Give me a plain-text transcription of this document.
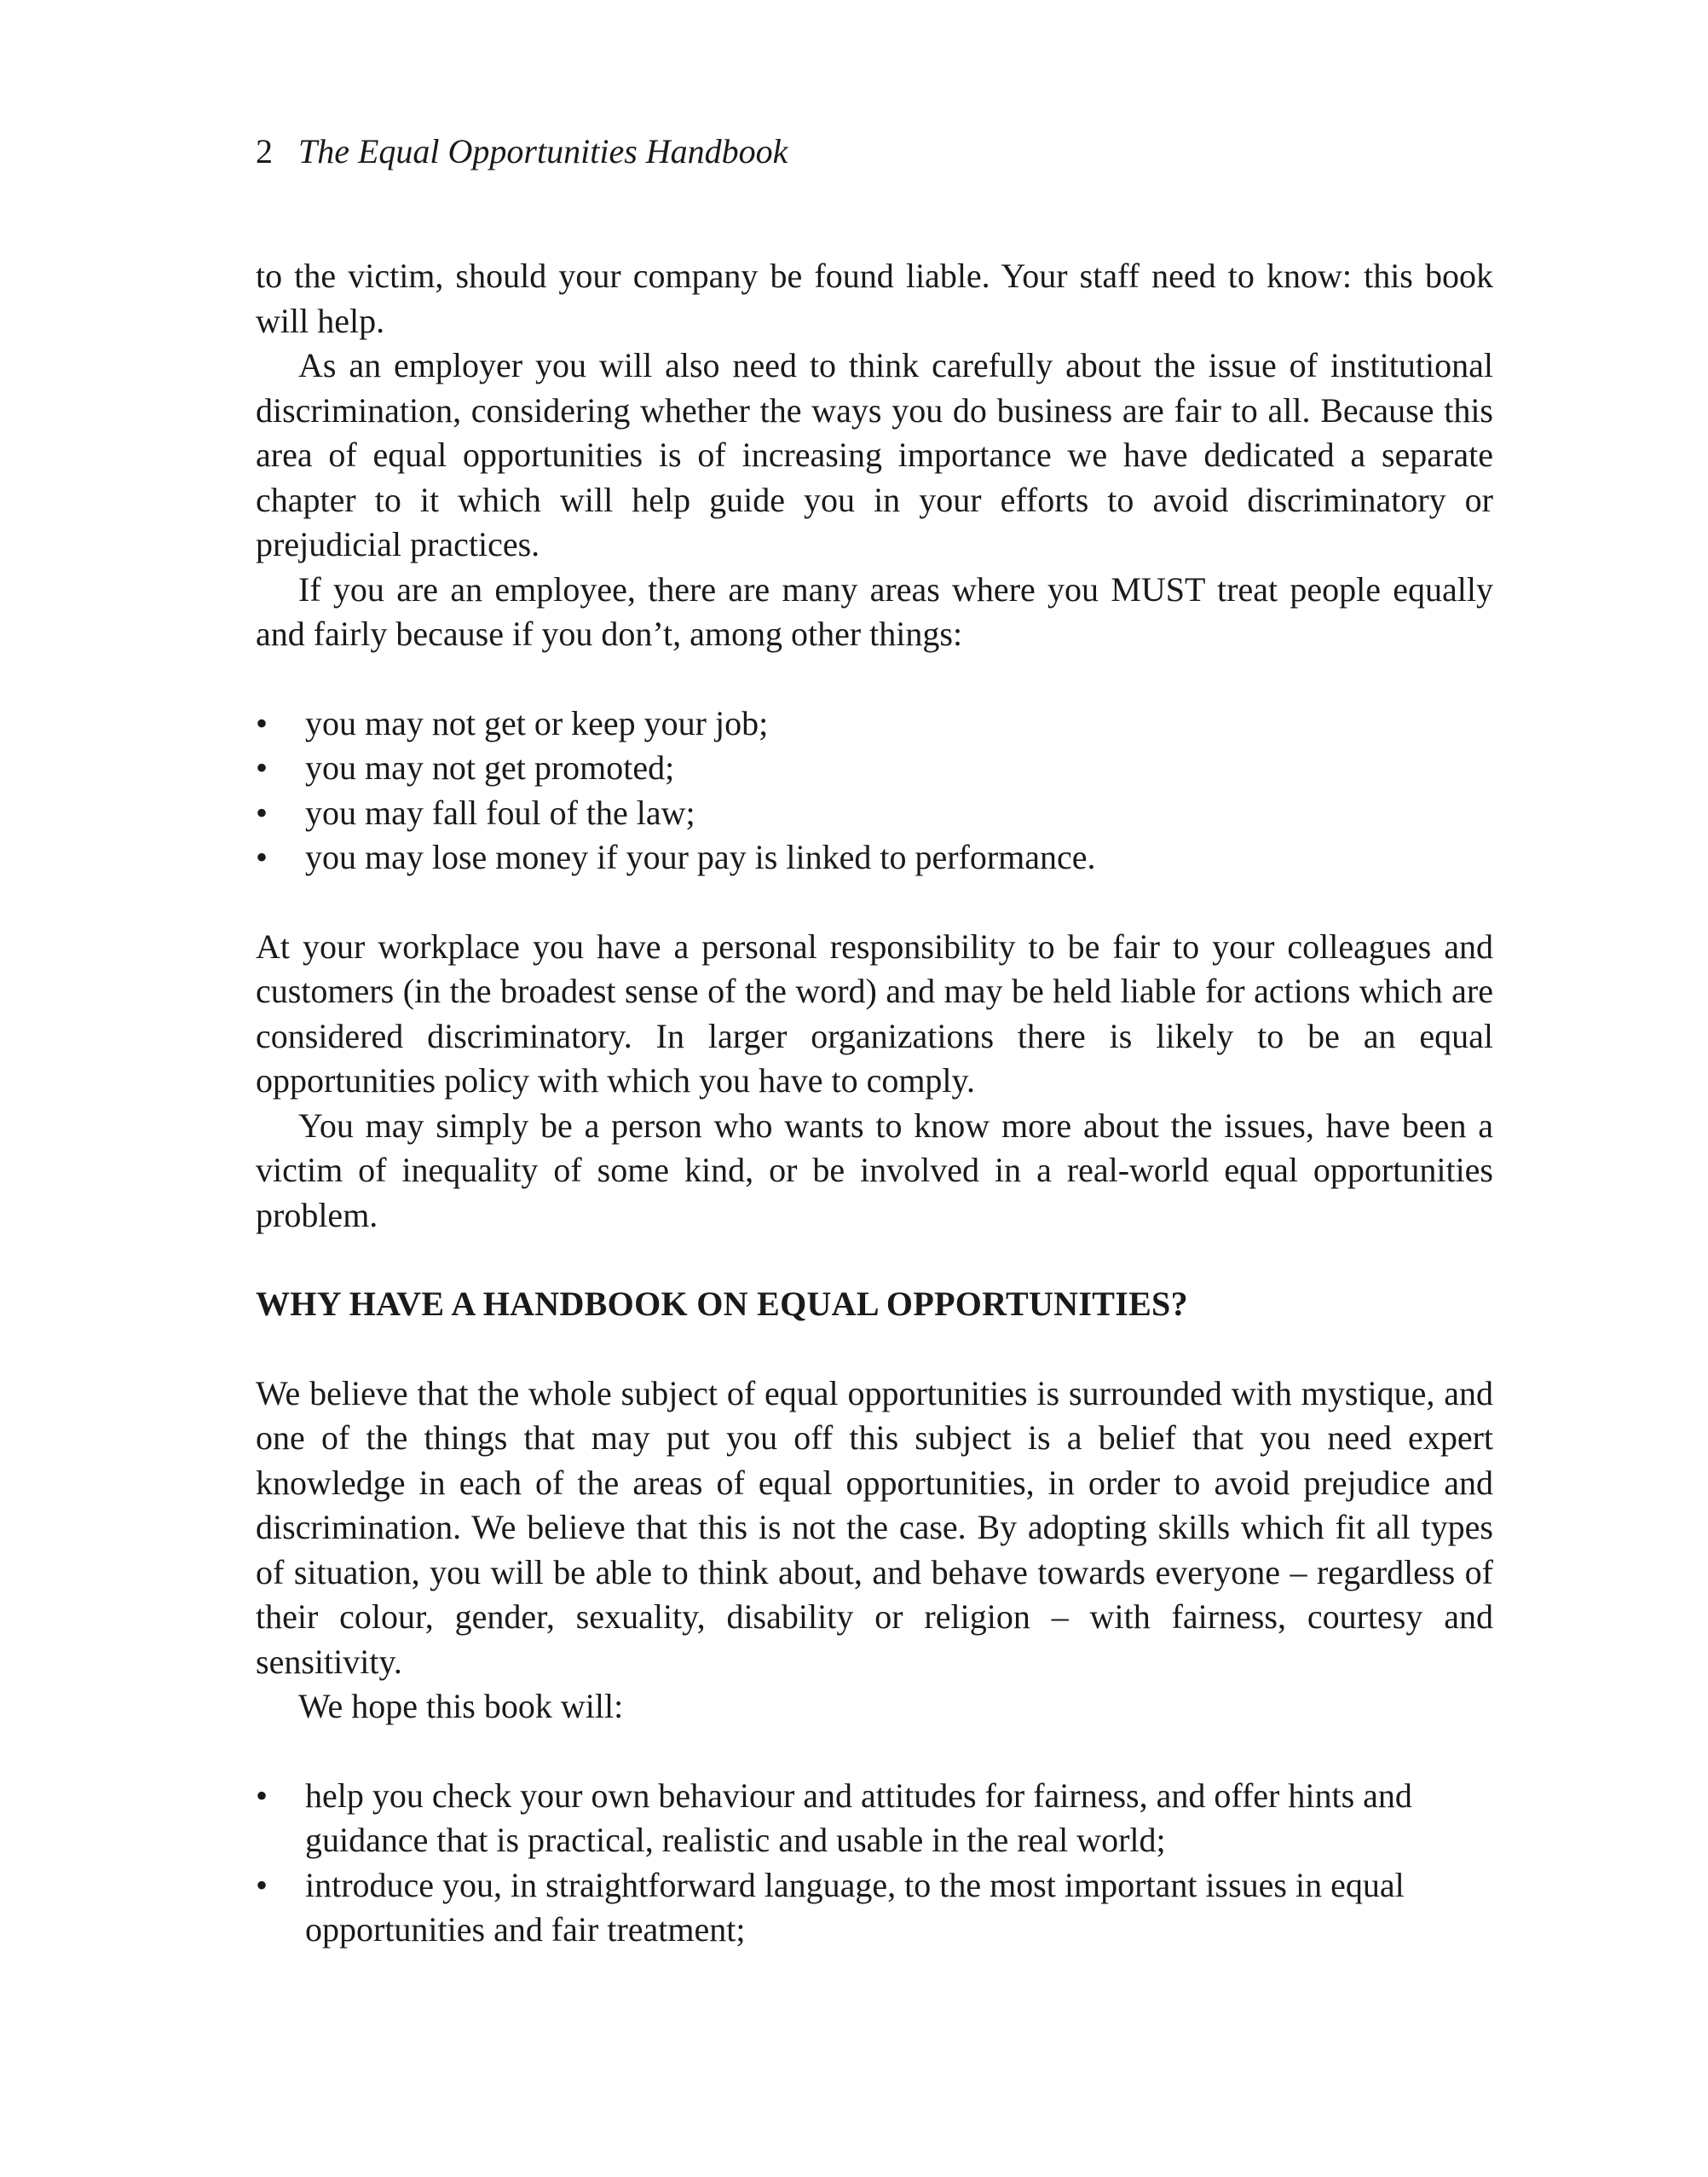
2 The Equal Opportunities Handbook

to the victim, should your company be found liable. Your staff need to know: this book will help.

As an employer you will also need to think carefully about the issue of institutional discrimination, considering whether the ways you do business are fair to all. Because this area of equal opportunities is of increasing importance we have dedicated a separate chapter to it which will help guide you in your efforts to avoid discriminatory or prejudicial practices.

If you are an employee, there are many areas where you MUST treat people equally and fairly because if you don’t, among other things:

• you may not get or keep your job;
• you may not get promoted;
• you may fall foul of the law;
• you may lose money if your pay is linked to performance.

At your workplace you have a personal responsibility to be fair to your colleagues and customers (in the broadest sense of the word) and may be held liable for actions which are considered discriminatory. In larger organizations there is likely to be an equal opportunities policy with which you have to comply.

You may simply be a person who wants to know more about the issues, have been a victim of inequality of some kind, or be involved in a real-world equal opportunities problem.

WHY HAVE A HANDBOOK ON EQUAL OPPORTUNITIES?

We believe that the whole subject of equal opportunities is surrounded with mystique, and one of the things that may put you off this subject is a belief that you need expert knowledge in each of the areas of equal opportunities, in order to avoid prejudice and discrimination. We believe that this is not the case. By adopting skills which fit all types of situation, you will be able to think about, and behave towards everyone – regardless of their colour, gender, sexuality, disability or religion – with fairness, courtesy and sensitivity.

We hope this book will:

• help you check your own behaviour and attitudes for fairness, and offer hints and guidance that is practical, realistic and usable in the real world;
• introduce you, in straightforward language, to the most important issues in equal opportunities and fair treatment;
